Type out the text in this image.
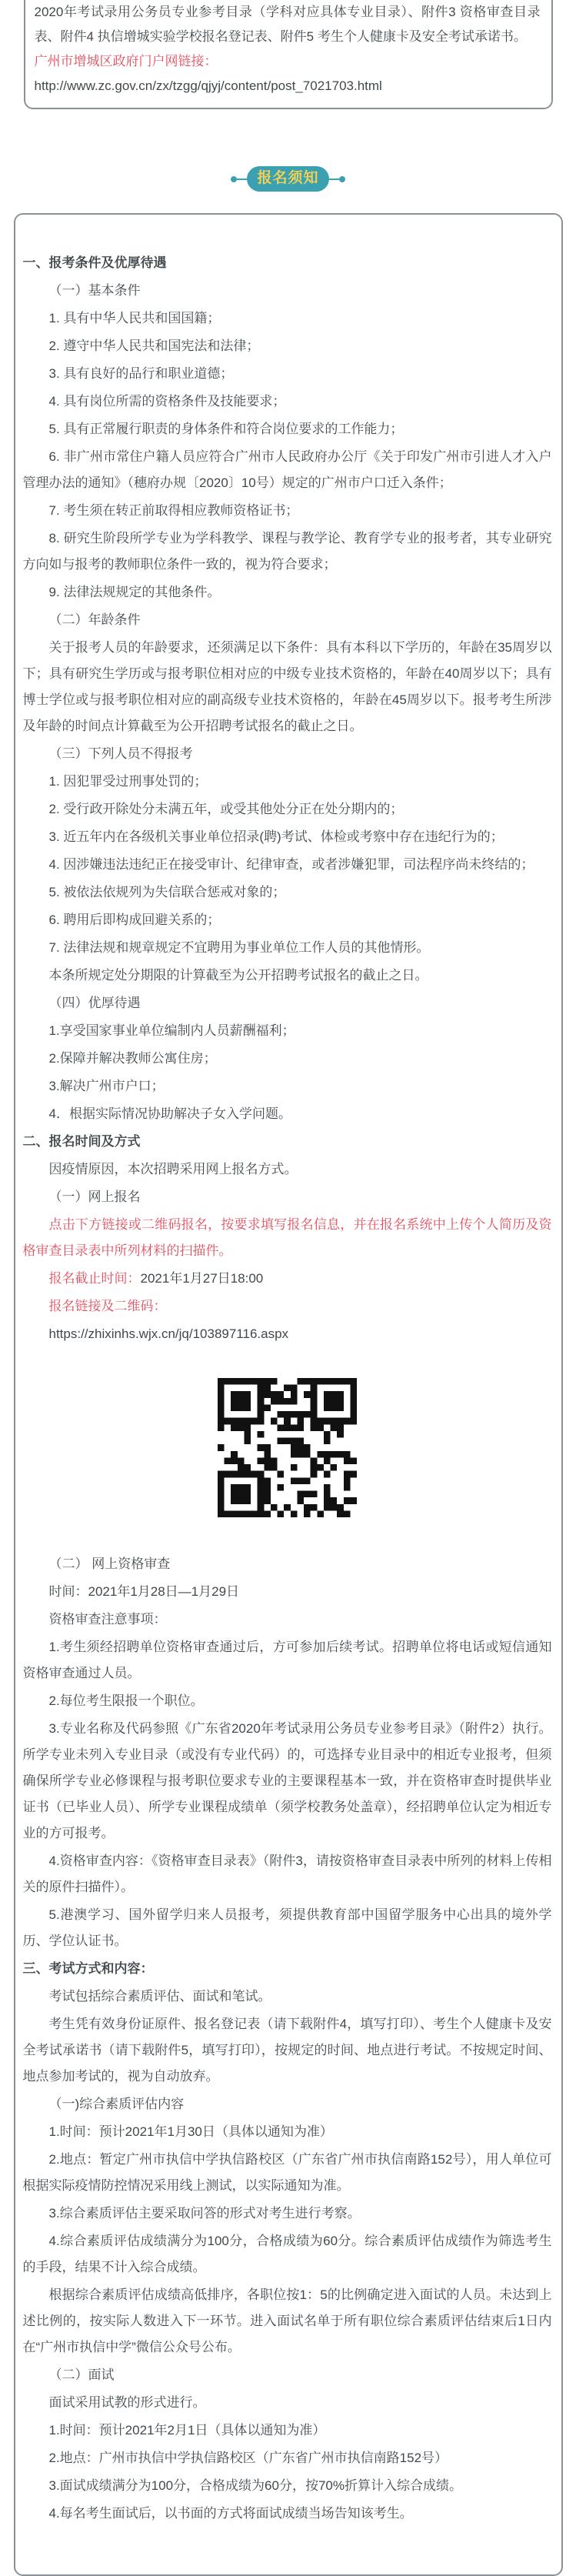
2020年考试录用公务员专业参考目录（学科对应具体专业目录）、附件3 资格审查目录表、附件4 执信增城实验学校报名登记表、附件5 考生个人健康卡及安全考试承诺书。

广州市增城区政府门户网链接：

http://www.zc.gov.cn/zx/tzgg/qjyj/content/post_7021703.html

报名须知

一、报考条件及优厚待遇

（一）基本条件

1. 具有中华人民共和国国籍；

2. 遵守中华人民共和国宪法和法律；

3. 具有良好的品行和职业道德；

4. 具有岗位所需的资格条件及技能要求；

5. 具有正常履行职责的身体条件和符合岗位要求的工作能力；

6. 非广州市常住户籍人员应符合广州市人民政府办公厅《关于印发广州市引进人才入户管理办法的通知》（穗府办规〔2020〕10号）规定的广州市户口迁入条件；

7. 考生须在转正前取得相应教师资格证书；

8. 研究生阶段所学专业为学科教学、课程与教学论、教育学专业的报考者，其专业研究方向如与报考的教师职位条件一致的，视为符合要求；

9. 法律法规规定的其他条件。

（二）年龄条件

关于报考人员的年龄要求，还须满足以下条件：具有本科以下学历的，年龄在35周岁以下；具有研究生学历或与报考职位相对应的中级专业技术资格的，年龄在40周岁以下；具有博士学位或与报考职位相对应的副高级专业技术资格的，年龄在45周岁以下。报考考生所涉及年龄的时间点计算截至为公开招聘考试报名的截止之日。

（三）下列人员不得报考

1. 因犯罪受过刑事处罚的；

2. 受行政开除处分未满五年，或受其他处分正在处分期内的；

3. 近五年内在各级机关事业单位招录(聘)考试、体检或考察中存在违纪行为的；

4. 因涉嫌违法违纪正在接受审计、纪律审查，或者涉嫌犯罪，司法程序尚未终结的；

5. 被依法依规列为失信联合惩戒对象的；

6. 聘用后即构成回避关系的；

7. 法律法规和规章规定不宜聘用为事业单位工作人员的其他情形。

本条所规定处分期限的计算截至为公开招聘考试报名的截止之日。

（四）优厚待遇

1.享受国家事业单位编制内人员薪酬福利；

2.保障并解决教师公寓住房；

3.解决广州市户口；

4．根据实际情况协助解决子女入学问题。

二、报名时间及方式

因疫情原因，本次招聘采用网上报名方式。

（一）网上报名

点击下方链接或二维码报名，按要求填写报名信息，并在报名系统中上传个人简历及资格审查目录表中所列材料的扫描件。

报名截止时间：2021年1月27日18:00

报名链接及二维码：

https://zhixinhs.wjx.cn/jq/103897116.aspx

（二） 网上资格审查

时间：2021年1月28日—1月29日

资格审查注意事项：

1.考生须经招聘单位资格审查通过后，方可参加后续考试。招聘单位将电话或短信通知资格审查通过人员。

2.每位考生限报一个职位。

3.专业名称及代码参照《广东省2020年考试录用公务员专业参考目录》（附件2）执行。所学专业未列入专业目录（或没有专业代码）的，可选择专业目录中的相近专业报考，但须确保所学专业必修课程与报考职位要求专业的主要课程基本一致，并在资格审查时提供毕业证书（已毕业人员）、所学专业课程成绩单（须学校教务处盖章），经招聘单位认定为相近专业的方可报考。

4.资格审查内容：《资格审查目录表》（附件3，请按资格审查目录表中所列的材料上传相关的原件扫描件）。

5.港澳学习、国外留学归来人员报考，须提供教育部中国留学服务中心出具的境外学历、学位认证书。

三、考试方式和内容：

考试包括综合素质评估、面试和笔试。

考生凭有效身份证原件、报名登记表（请下载附件4，填写打印）、考生个人健康卡及安全考试承诺书（请下载附件5，填写打印），按规定的时间、地点进行考试。不按规定时间、地点参加考试的，视为自动放弃。

（一)综合素质评估内容

1.时间：预计2021年1月30日（具体以通知为准）

2.地点：暂定广州市执信中学执信路校区（广东省广州市执信南路152号），用人单位可根据实际疫情防控情况采用线上测试，以实际通知为准。

3.综合素质评估主要采取问答的形式对考生进行考察。

4.综合素质评估成绩满分为100分，合格成绩为60分。综合素质评估成绩作为筛选考生的手段，结果不计入综合成绩。

根据综合素质评估成绩高低排序，各职位按1：5的比例确定进入面试的人员。未达到上述比例的，按实际人数进入下一环节。进入面试名单于所有职位综合素质评估结束后1日内在“广州市执信中学”微信公众号公布。

（二）面试

面试采用试教的形式进行。

1.时间：预计2021年2月1日（具体以通知为准）

2.地点：广州市执信中学执信路校区（广东省广州市执信南路152号）

3.面试成绩满分为100分，合格成绩为60分，按70%折算计入综合成绩。

4.每名考生面试后，以书面的方式将面试成绩当场告知该考生。
